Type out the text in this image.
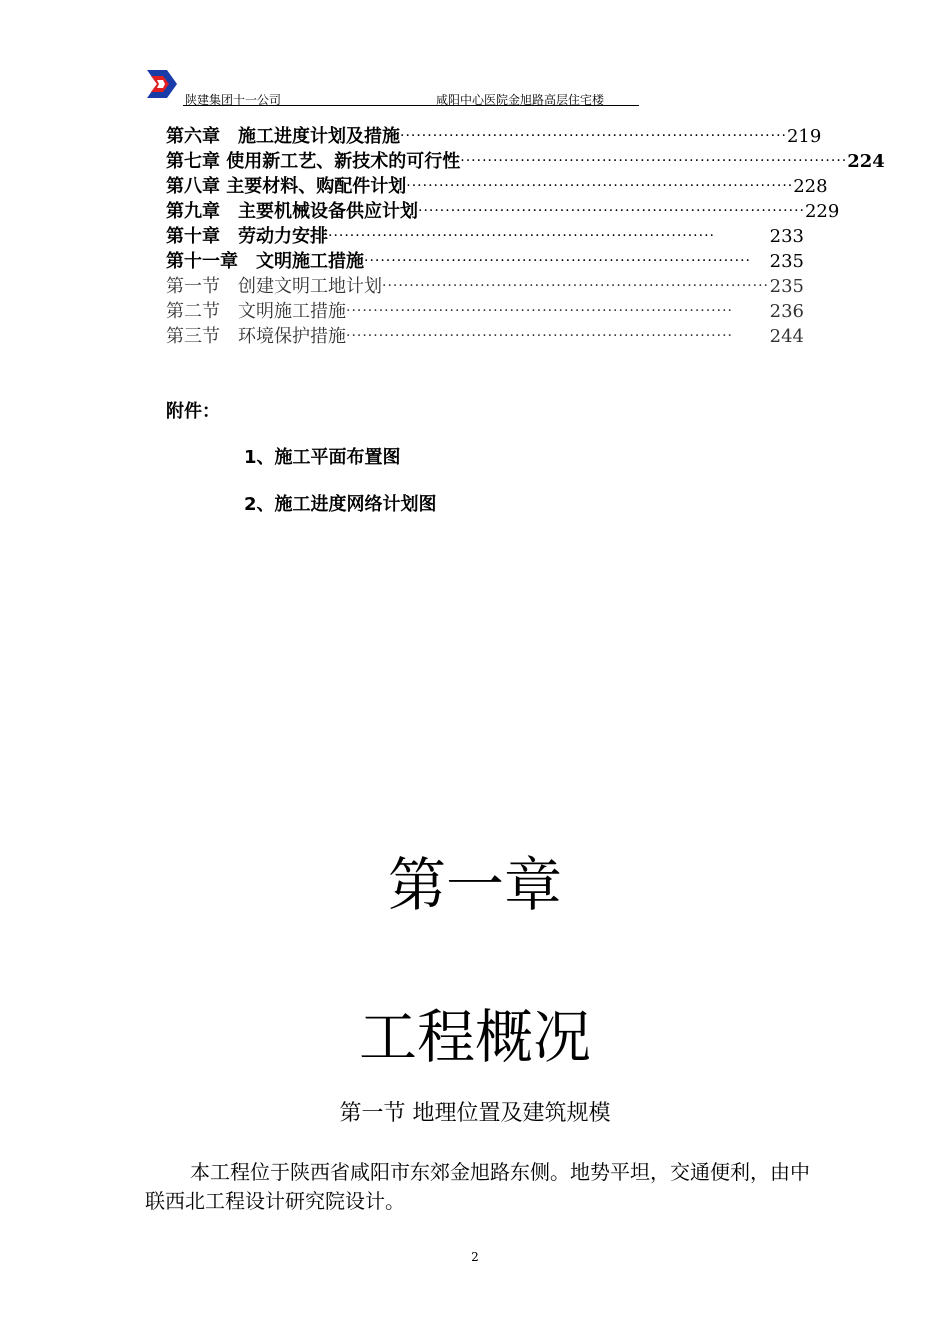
陕建集团十一公司	咸阳中心医院金旭路高层住宅楼
第六章　施工进度计划及措施 ······································································· 219
第七章 使用新工艺、新技术的可行性 ······································································· 224
第八章 主要材料、购配件计划 ······································································· 228
第九章　主要机械设备供应计划 ······································································· 229
第十章　劳动力安排 ·······································································	233
第十一章　文明施工措施 ·······································································	235
第一节　创建文明工地计划 ······································································· 235
第二节　文明施工措施 ·······································································	236
第三节　环境保护措施 ·······································································	244
附件：
1、施工平面布置图
2、施工进度网络计划图
第一章
工程概况
第一节 地理位置及建筑规模
本工程位于陕西省咸阳市东郊金旭路东侧。地势平坦，交通便利，由中联西北工程设计研究院设计。
2
